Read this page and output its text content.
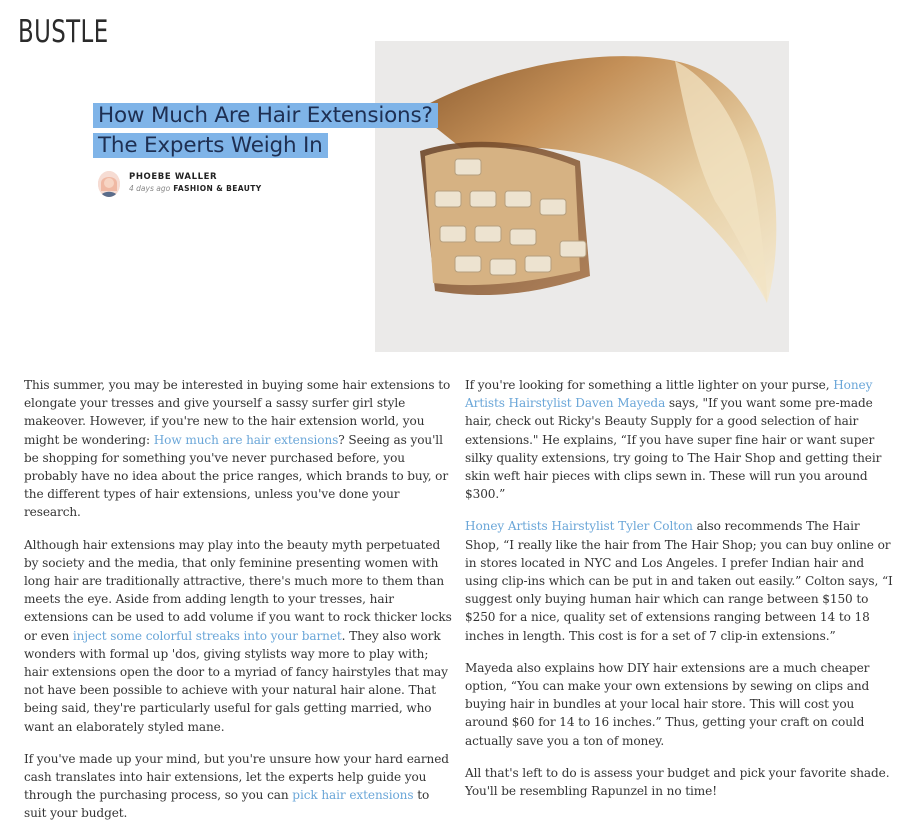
BUSTLE
How Much Are Hair Extensions?
The Experts Weigh In
PHOEBE WALLER
4 days ago FASHION & BEAUTY

This summer, you may be interested in buying some hair extensions to elongate your tresses and give yourself a sassy surfer girl style makeover. However, if you're new to the hair extension world, you might be wondering: How much are hair extensions? Seeing as you'll be shopping for something you've never purchased before, you probably have no idea about the price ranges, which brands to buy, or the different types of hair extensions, unless you've done your research.

Although hair extensions may play into the beauty myth perpetuated by society and the media, that only feminine presenting women with long hair are traditionally attractive, there's much more to them than meets the eye. Aside from adding length to your tresses, hair extensions can be used to add volume if you want to rock thicker locks or even inject some colorful streaks into your barnet. They also work wonders with formal up 'dos, giving stylists way more to play with; hair extensions open the door to a myriad of fancy hairstyles that may not have been possible to achieve with your natural hair alone. That being said, they're particularly useful for gals getting married, who want an elaborately styled mane.

If you've made up your mind, but you're unsure how your hard earned cash translates into hair extensions, let the experts help guide you through the purchasing process, so you can pick hair extensions to suit your budget.

If you're looking for something a little lighter on your purse, Honey Artists Hairstylist Daven Mayeda says, "If you want some pre-made hair, check out Ricky's Beauty Supply for a good selection of hair extensions." He explains, “If you have super fine hair or want super silky quality extensions, try going to The Hair Shop and getting their skin weft hair pieces with clips sewn in. These will run you around $300.”

Honey Artists Hairstylist Tyler Colton also recommends The Hair Shop, “I really like the hair from The Hair Shop; you can buy online or in stores located in NYC and Los Angeles. I prefer Indian hair and using clip-ins which can be put in and taken out easily.” Colton says, “I suggest only buying human hair which can range between $150 to $250 for a nice, quality set of extensions ranging between 14 to 18 inches in length. This cost is for a set of 7 clip-in extensions.”

Mayeda also explains how DIY hair extensions are a much cheaper option, “You can make your own extensions by sewing on clips and buying hair in bundles at your local hair store. This will cost you around $60 for 14 to 16 inches.” Thus, getting your craft on could actually save you a ton of money.

All that's left to do is assess your budget and pick your favorite shade. You'll be resembling Rapunzel in no time!
